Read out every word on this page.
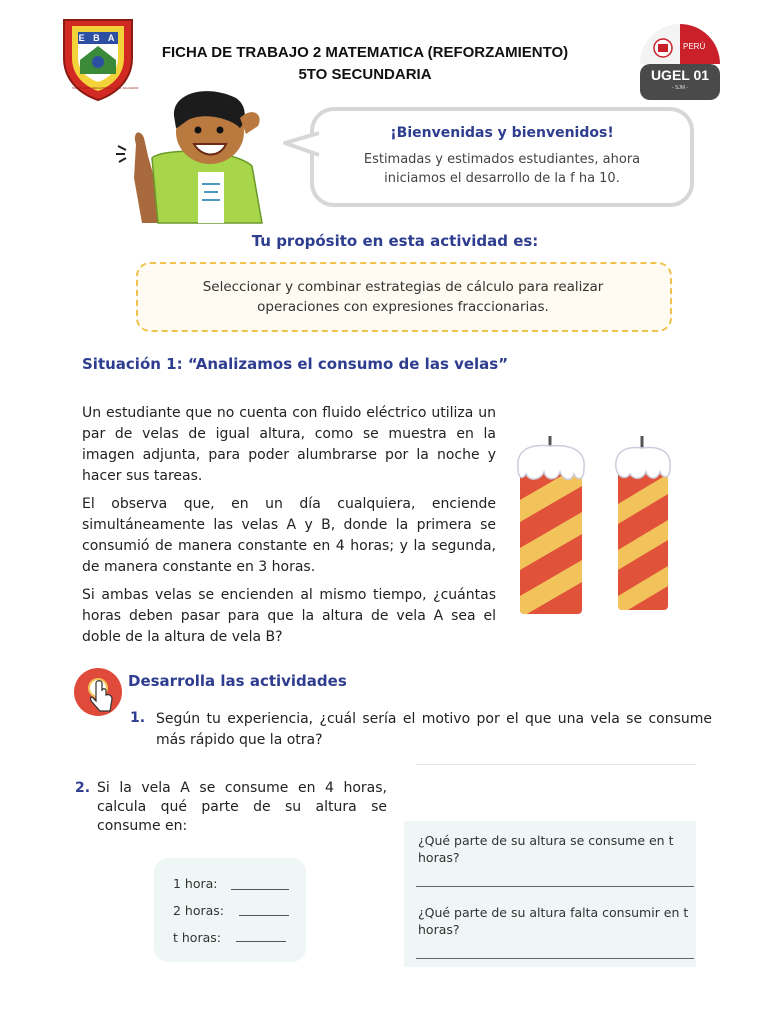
E B A
INSTITUCION EDUCATIVA VILLA EL SALVADOR
FICHA DE TRABAJO 2 MATEMATICA (REFORZAMIENTO)
5TO SECUNDARIA
PERÚ
UGEL 01
- SJM -
¡Bienvenidas y bienvenidos!
Estimadas y estimados estudiantes, ahora
iniciamos el desarrollo de la f ha 10.
Tu propósito en esta actividad es:
Seleccionar y combinar estrategias de cálculo para realizar
operaciones con expresiones fraccionarias.
Situación 1: “Analizamos el consumo de las velas”
Un estudiante que no cuenta con fluido eléctrico utiliza un par de velas de igual altura, como se muestra en la imagen adjunta, para poder alumbrarse por la noche y hacer sus tareas.
El observa que, en un día cualquiera, enciende simultáneamente las velas A y B, donde la primera se consumió de manera constante en 4 horas; y la segunda, de manera constante en 3 horas.
Si ambas velas se encienden al mismo tiempo, ¿cuántas horas deben pasar para que la altura de vela A sea el doble de la altura de vela B?
Desarrolla las actividades
1. Según tu experiencia, ¿cuál sería el motivo por el que una vela se consume más rápido que la otra?
2. Si la vela A se consume en 4 horas, calcula qué parte de su altura se consume en:
1 hora:
2 horas:
t horas:
¿Qué parte de su altura se consume en t horas?
¿Qué parte de su altura falta consumir en t horas?
